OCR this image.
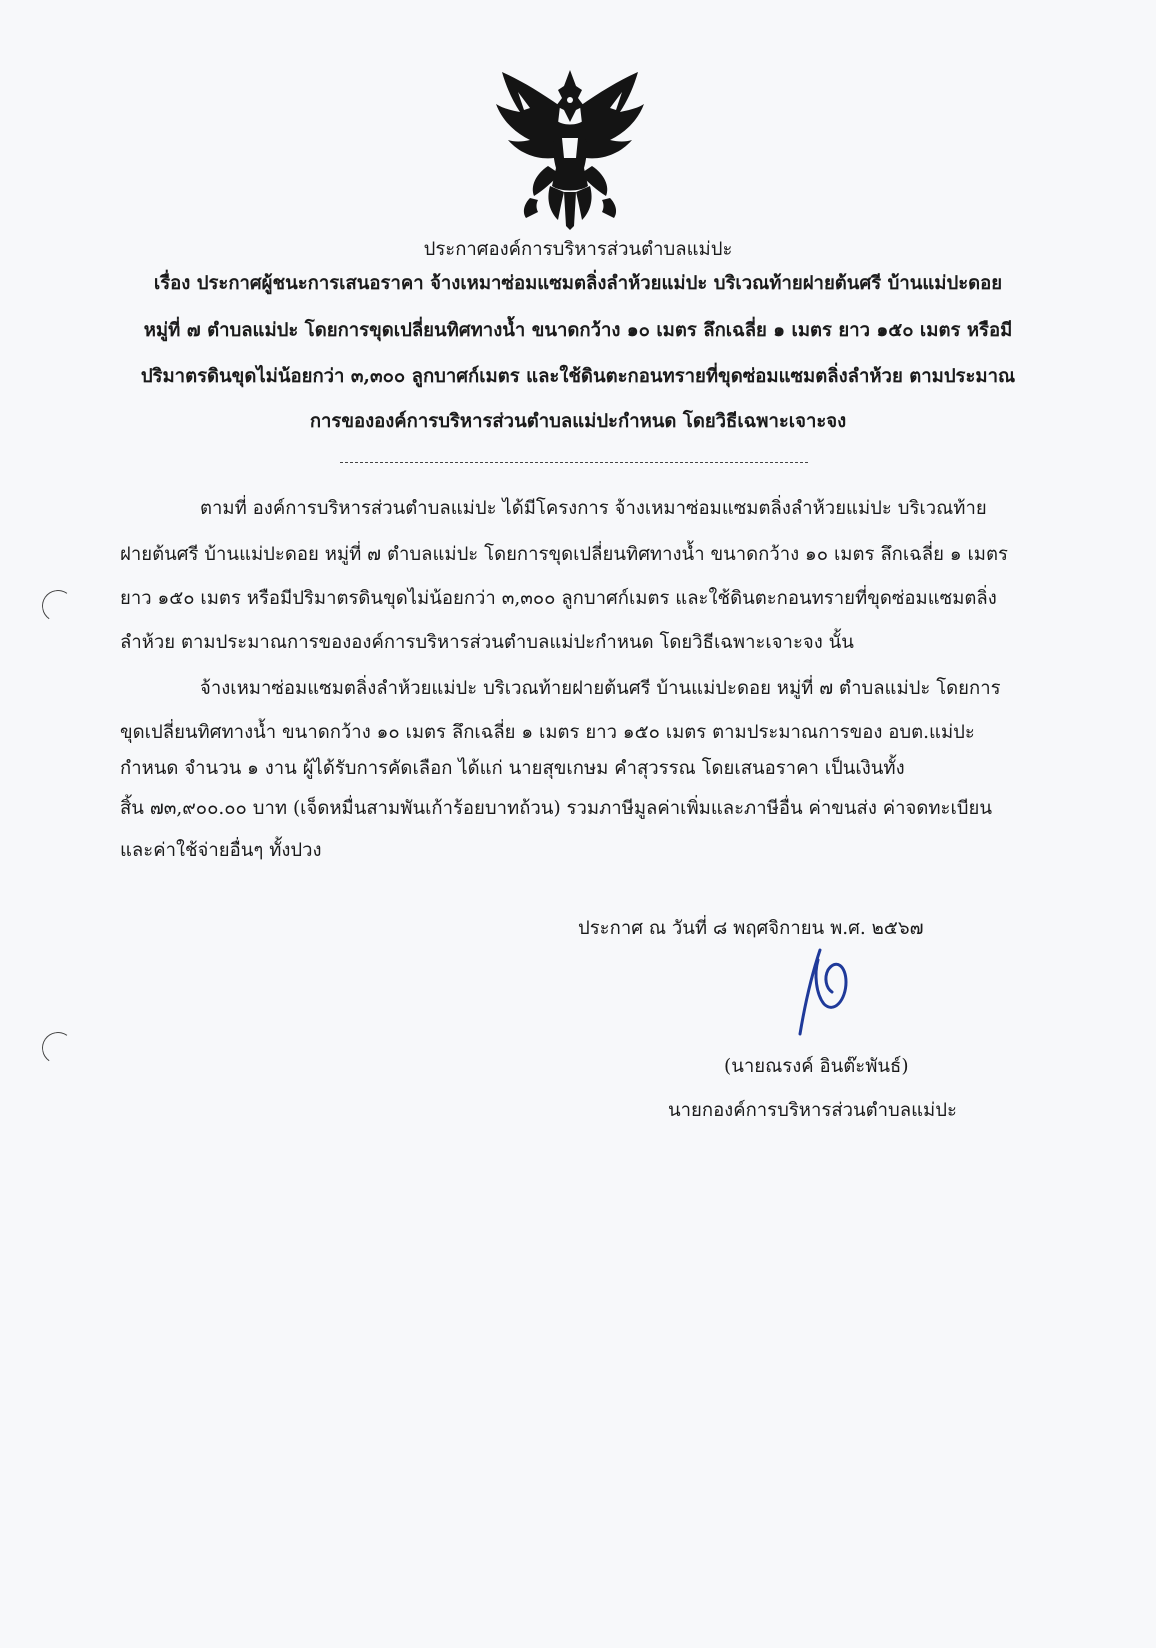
ประกาศองค์การบริหารส่วนตำบลแม่ปะ
เรื่อง ประกาศผู้ชนะการเสนอราคา จ้างเหมาซ่อมแซมตลิ่งลำห้วยแม่ปะ บริเวณท้ายฝายต้นศรี บ้านแม่ปะดอย
หมู่ที่ ๗ ตำบลแม่ปะ โดยการขุดเปลี่ยนทิศทางน้ำ ขนาดกว้าง ๑๐ เมตร ลึกเฉลี่ย ๑ เมตร ยาว ๑๕๐ เมตร หรือมี
ปริมาตรดินขุดไม่น้อยกว่า ๓,๓๐๐ ลูกบาศก์เมตร และใช้ดินตะกอนทรายที่ขุดซ่อมแซมตลิ่งลำห้วย ตามประมาณ
การขององค์การบริหารส่วนตำบลแม่ปะกำหนด โดยวิธีเฉพาะเจาะจง
ตามที่ องค์การบริหารส่วนตำบลแม่ปะ ได้มีโครงการ จ้างเหมาซ่อมแซมตลิ่งลำห้วยแม่ปะ บริเวณท้าย
ฝายต้นศรี บ้านแม่ปะดอย หมู่ที่ ๗ ตำบลแม่ปะ โดยการขุดเปลี่ยนทิศทางน้ำ ขนาดกว้าง ๑๐ เมตร ลึกเฉลี่ย ๑ เมตร
ยาว ๑๕๐ เมตร หรือมีปริมาตรดินขุดไม่น้อยกว่า ๓,๓๐๐ ลูกบาศก์เมตร และใช้ดินตะกอนทรายที่ขุดซ่อมแซมตลิ่ง
ลำห้วย ตามประมาณการขององค์การบริหารส่วนตำบลแม่ปะกำหนด โดยวิธีเฉพาะเจาะจง นั้น
จ้างเหมาซ่อมแซมตลิ่งลำห้วยแม่ปะ บริเวณท้ายฝายต้นศรี บ้านแม่ปะดอย หมู่ที่ ๗ ตำบลแม่ปะ โดยการ
ขุดเปลี่ยนทิศทางน้ำ ขนาดกว้าง ๑๐ เมตร ลึกเฉลี่ย ๑ เมตร ยาว ๑๕๐ เมตร ตามประมาณการของ อบต.แม่ปะ
กำหนด จำนวน ๑ งาน ผู้ได้รับการคัดเลือก ได้แก่ นายสุขเกษม คำสุวรรณ โดยเสนอราคา เป็นเงินทั้ง
สิ้น ๗๓,๙๐๐.๐๐ บาท (เจ็ดหมื่นสามพันเก้าร้อยบาทถ้วน) รวมภาษีมูลค่าเพิ่มและภาษีอื่น ค่าขนส่ง ค่าจดทะเบียน
และค่าใช้จ่ายอื่นๆ ทั้งปวง
ประกาศ ณ วันที่ ๘ พฤศจิกายน พ.ศ. ๒๕๖๗
(นายณรงค์ อินต๊ะพันธ์)
นายกองค์การบริหารส่วนตำบลแม่ปะ
